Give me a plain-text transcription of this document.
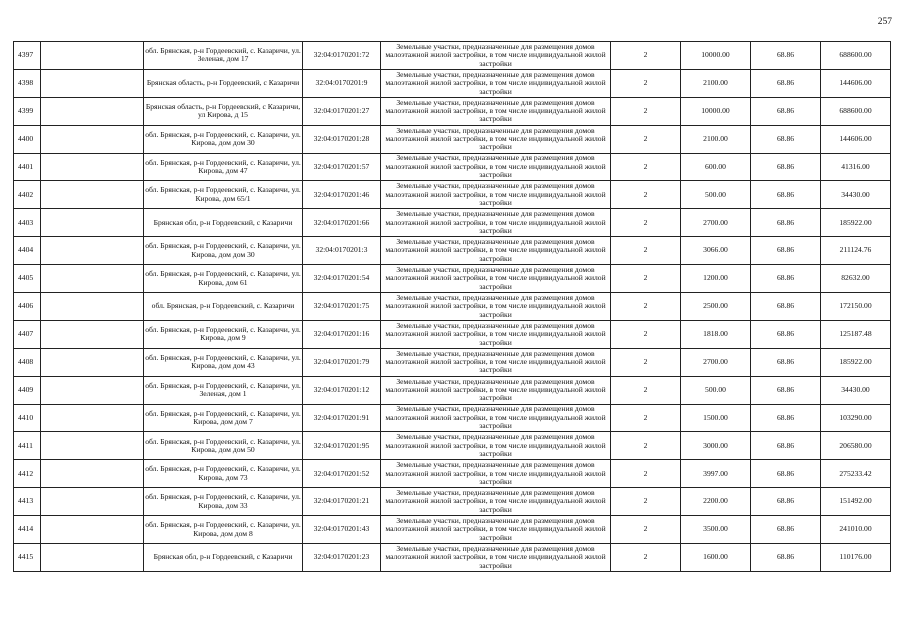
257
4397		обл. Брянская, р-н Гордеевский, с. Казаричи, ул. Зеленая, дом 17	32:04:0170201:72	Земельные участки, предназначенные для размещения домов малоэтажной жилой застройки, в том числе индивидуальной жилой застройки	2	10000.00	68.86	688600.00
4398		Брянская область, р-н Гордеевский, с Казаричи	32:04:0170201:9	Земельные участки, предназначенные для размещения домов малоэтажной жилой застройки, в том числе индивидуальной жилой застройки	2	2100.00	68.86	144606.00
4399		Брянская область, р-н Гордеевский, с Казаричи, ул Кирова, д 15	32:04:0170201:27	Земельные участки, предназначенные для размещения домов малоэтажной жилой застройки, в том числе индивидуальной жилой застройки	2	10000.00	68.86	688600.00
4400		обл. Брянская, р-н Гордеевский, с. Казаричи, ул. Кирова, дом дом 30	32:04:0170201:28	Земельные участки, предназначенные для размещения домов малоэтажной жилой застройки, в том числе индивидуальной жилой застройки	2	2100.00	68.86	144606.00
4401		обл. Брянская, р-н Гордеевский, с. Казаричи, ул. Кирова, дом 47	32:04:0170201:57	Земельные участки, предназначенные для размещения домов малоэтажной жилой застройки, в том числе индивидуальной жилой застройки	2	600.00	68.86	41316.00
4402		обл. Брянская, р-н Гордеевский, с. Казаричи, ул. Кирова, дом 65/1	32:04:0170201:46	Земельные участки, предназначенные для размещения домов малоэтажной жилой застройки, в том числе индивидуальной жилой застройки	2	500.00	68.86	34430.00
4403		Брянская обл, р-н Гордеевский, с Казаричи	32:04:0170201:66	Земельные участки, предназначенные для размещения домов малоэтажной жилой застройки, в том числе индивидуальной жилой застройки	2	2700.00	68.86	185922.00
4404		обл. Брянская, р-н Гордеевский, с. Казаричи, ул. Кирова, дом дом 30	32:04:0170201:3	Земельные участки, предназначенные для размещения домов малоэтажной жилой застройки, в том числе индивидуальной жилой застройки	2	3066.00	68.86	211124.76
4405		обл. Брянская, р-н Гордеевский, с. Казаричи, ул. Кирова, дом 61	32:04:0170201:54	Земельные участки, предназначенные для размещения домов малоэтажной жилой застройки, в том числе индивидуальной жилой застройки	2	1200.00	68.86	82632.00
4406		обл. Брянская, р-н Гордеевский, с. Казаричи	32:04:0170201:75	Земельные участки, предназначенные для размещения домов малоэтажной жилой застройки, в том числе индивидуальной жилой застройки	2	2500.00	68.86	172150.00
4407		обл. Брянская, р-н Гордеевский, с. Казаричи, ул. Кирова, дом 9	32:04:0170201:16	Земельные участки, предназначенные для размещения домов малоэтажной жилой застройки, в том числе индивидуальной жилой застройки	2	1818.00	68.86	125187.48
4408		обл. Брянская, р-н Гордеевский, с. Казаричи, ул. Кирова, дом дом 43	32:04:0170201:79	Земельные участки, предназначенные для размещения домов малоэтажной жилой застройки, в том числе индивидуальной жилой застройки	2	2700.00	68.86	185922.00
4409		обл. Брянская, р-н Гордеевский, с. Казаричи, ул. Зеленая, дом 1	32:04:0170201:12	Земельные участки, предназначенные для размещения домов малоэтажной жилой застройки, в том числе индивидуальной жилой застройки	2	500.00	68.86	34430.00
4410		обл. Брянская, р-н Гордеевский, с. Казаричи, ул. Кирова, дом дом 7	32:04:0170201:91	Земельные участки, предназначенные для размещения домов малоэтажной жилой застройки, в том числе индивидуальной жилой застройки	2	1500.00	68.86	103290.00
4411		обл. Брянская, р-н Гордеевский, с. Казаричи, ул. Кирова, дом дом 50	32:04:0170201:95	Земельные участки, предназначенные для размещения домов малоэтажной жилой застройки, в том числе индивидуальной жилой застройки	2	3000.00	68.86	206580.00
4412		обл. Брянская, р-н Гордеевский, с. Казаричи, ул. Кирова, дом 73	32:04:0170201:52	Земельные участки, предназначенные для размещения домов малоэтажной жилой застройки, в том числе индивидуальной жилой застройки	2	3997.00	68.86	275233.42
4413		обл. Брянская, р-н Гордеевский, с. Казаричи, ул. Кирова, дом 33	32:04:0170201:21	Земельные участки, предназначенные для размещения домов малоэтажной жилой застройки, в том числе индивидуальной жилой застройки	2	2200.00	68.86	151492.00
4414		обл. Брянская, р-н Гордеевский, с. Казаричи, ул. Кирова, дом дом 8	32:04:0170201:43	Земельные участки, предназначенные для размещения домов малоэтажной жилой застройки, в том числе индивидуальной жилой застройки	2	3500.00	68.86	241010.00
4415		Брянская обл, р-н Гордеевский, с Казаричи	32:04:0170201:23	Земельные участки, предназначенные для размещения домов малоэтажной жилой застройки, в том числе индивидуальной жилой застройки	2	1600.00	68.86	110176.00
